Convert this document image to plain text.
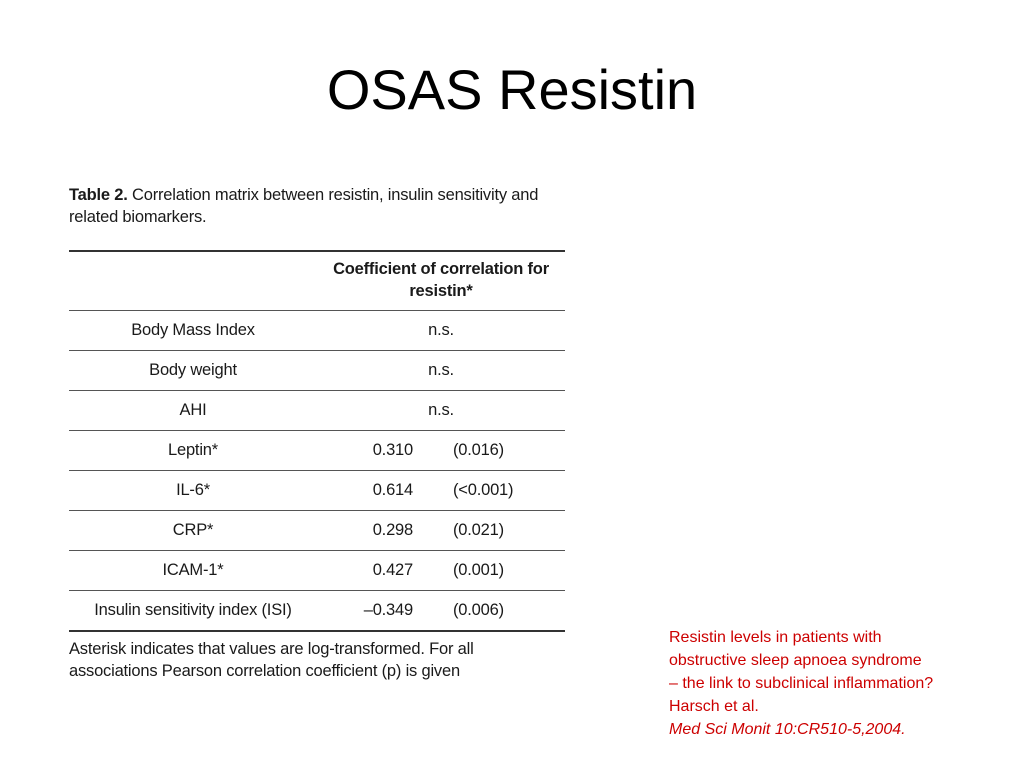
OSAS Resistin

Table 2. Correlation matrix between resistin, insulin sensitivity and related biomarkers.

	Coefficient of correlation for resistin*	
Body Mass Index	n.s.	
Body weight	n.s.	
AHI	n.s.	
Leptin*	0.310	(0.016)
IL-6*	0.614	(<0.001)
CRP*	0.298	(0.021)
ICAM-1*	0.427	(0.001)
Insulin sensitivity index (ISI)	–0.349	(0.006)

Asterisk indicates that values are log-transformed. For all associations Pearson correlation coefficient (p) is given

Resistin levels in patients with
obstructive sleep apnoea syndrome
– the link to subclinical inflammation?
Harsch et al.
Med Sci Monit 10:CR510-5,2004.
